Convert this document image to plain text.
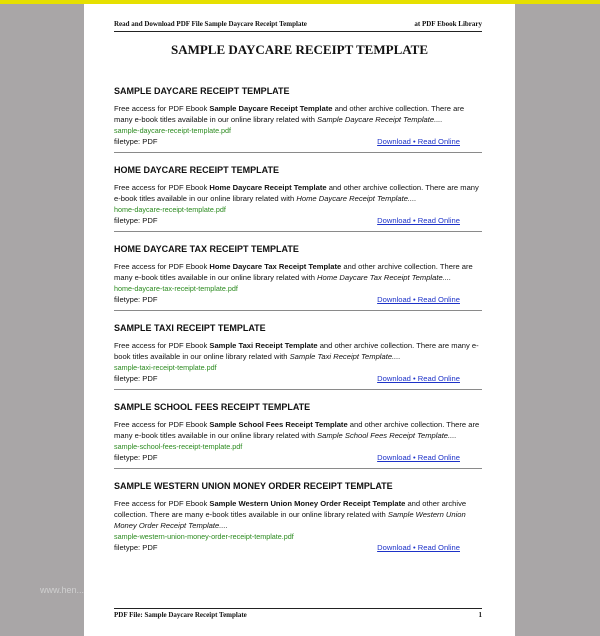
Read and Download PDF File Sample Daycare Receipt Template	at PDF Ebook Library
SAMPLE DAYCARE RECEIPT TEMPLATE
SAMPLE DAYCARE RECEIPT TEMPLATE

Free access for PDF Ebook Sample Daycare Receipt Template and other archive collection. There are many e-book titles available in our online library related with Sample Daycare Receipt Template....

sample-daycare-receipt-template.pdf
filetype: PDF	Download • Read Online
HOME DAYCARE RECEIPT TEMPLATE

Free access for PDF Ebook Home Daycare Receipt Template and other archive collection. There are many e-book titles available in our online library related with Home Daycare Receipt Template....

home-daycare-receipt-template.pdf
filetype: PDF	Download • Read Online
HOME DAYCARE TAX RECEIPT TEMPLATE

Free access for PDF Ebook Home Daycare Tax Receipt Template and other archive collection. There are many e-book titles available in our online library related with Home Daycare Tax Receipt Template....

home-daycare-tax-receipt-template.pdf
filetype: PDF	Download • Read Online
SAMPLE TAXI RECEIPT TEMPLATE

Free access for PDF Ebook Sample Taxi Receipt Template and other archive collection. There are many e-book titles available in our online library related with Sample Taxi Receipt Template....

sample-taxi-receipt-template.pdf
filetype: PDF	Download • Read Online
SAMPLE SCHOOL FEES RECEIPT TEMPLATE

Free access for PDF Ebook Sample School Fees Receipt Template and other archive collection. There are many e-book titles available in our online library related with Sample School Fees Receipt Template....

sample-school-fees-receipt-template.pdf
filetype: PDF	Download • Read Online
SAMPLE WESTERN UNION MONEY ORDER RECEIPT TEMPLATE

Free access for PDF Ebook Sample Western Union Money Order Receipt Template and other archive collection. There are many e-book titles available in our online library related with Sample Western Union Money Order Receipt Template....

sample-western-union-money-order-receipt-template.pdf
filetype: PDF	Download • Read Online
PDF File: Sample Daycare Receipt Template	1
www.hen...
